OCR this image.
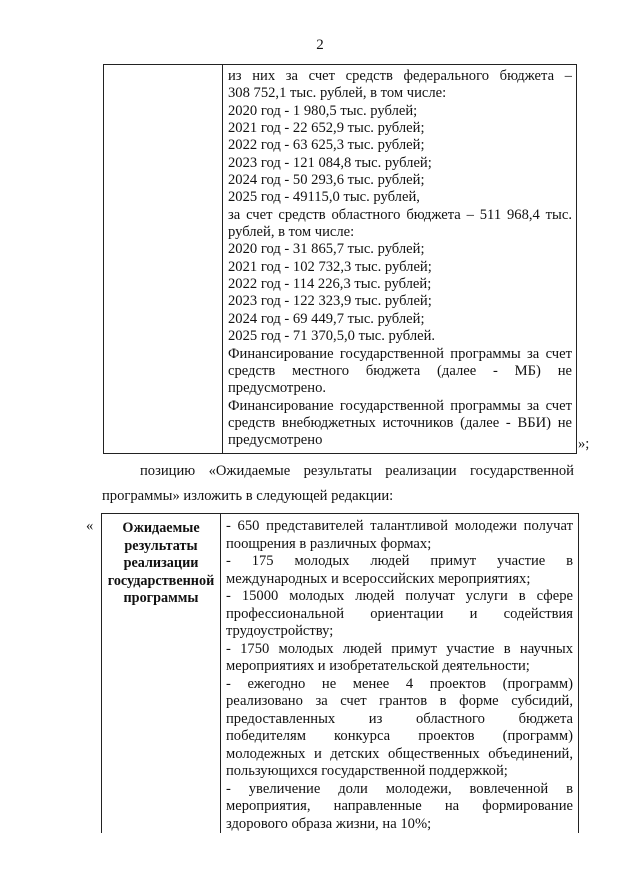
2
из них за счет средств федерального бюджета –
308 752,1 тыс. рублей, в том числе:
2020 год - 1 980,5 тыс. рублей;
2021 год - 22 652,9 тыс. рублей;
2022 год - 63 625,3 тыс. рублей;
2023 год - 121 084,8 тыс. рублей;
2024 год - 50 293,6 тыс. рублей;
2025 год - 49115,0 тыс. рублей,
за счет средств областного бюджета – 511 968,4 тыс.
рублей, в том числе:
2020 год - 31 865,7 тыс. рублей;
2021 год - 102 732,3 тыс. рублей;
2022 год - 114 226,3 тыс. рублей;
2023 год - 122 323,9 тыс. рублей;
2024 год - 69 449,7 тыс. рублей;
2025 год - 71 370,5,0 тыс. рублей.
Финансирование государственной программы за счет
средств местного бюджета (далее - МБ) не
предусмотрено.
Финансирование государственной программы за счет
средств внебюджетных источников (далее - ВБИ) не
предусмотрено	»;
позицию «Ожидаемые результаты реализации государственной
программы» изложить в следующей редакции:
«	Ожидаемые результаты реализации государственной программы
- 650 представителей талантливой молодежи получат
поощрения в различных формах;
- 175 молодых людей примут участие в
международных и всероссийских мероприятиях;
- 15000 молодых людей получат услуги в сфере
профессиональной ориентации и содействия
трудоустройству;
- 1750 молодых людей примут участие в научных
мероприятиях и изобретательской деятельности;
- ежегодно не менее 4 проектов (программ)
реализовано за счет грантов в форме субсидий,
предоставленных из областного бюджета
победителям конкурса проектов (программ)
молодежных и детских общественных объединений,
пользующихся государственной поддержкой;
- увеличение доли молодежи, вовлеченной в
мероприятия, направленные на формирование
здорового образа жизни, на 10%;
